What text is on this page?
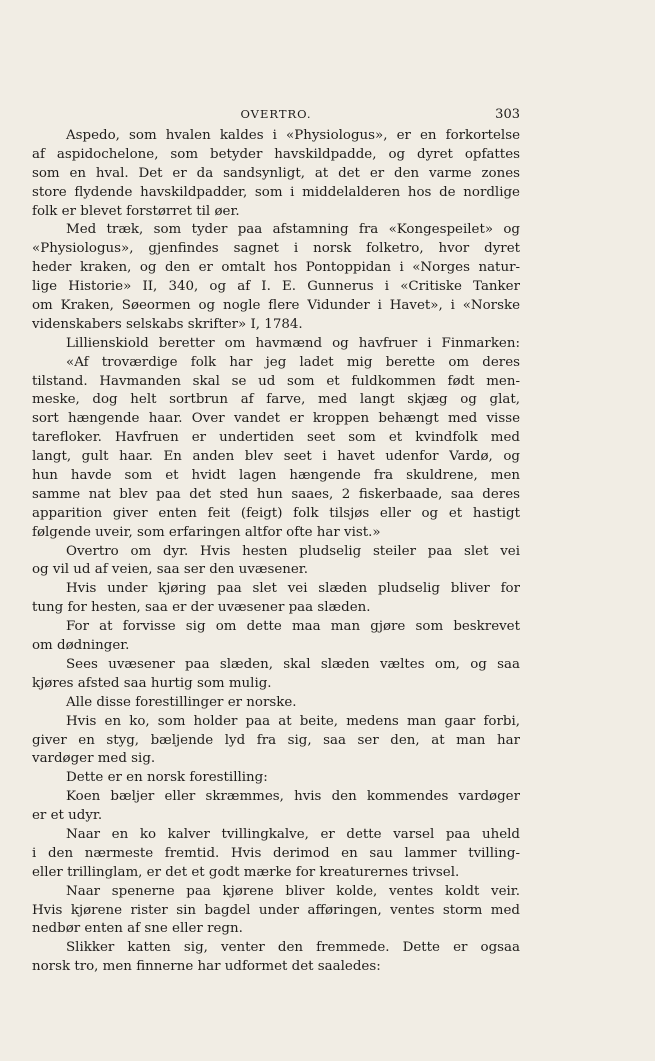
OVERTRO.	303
Aspedo, som hvalen kaldes i «Physiologus», er en forkortelse
af aspidochelone, som betyder havskildpadde, og dyret opfattes
som en hval. Det er da sandsynligt, at det er den varme zones
store flydende havskildpadder, som i middelalderen hos de nordlige
folk er blevet forstørret til øer.
Med træk, som tyder paa afstamning fra «Kongespeilet» og
«Physiologus», gjenfindes sagnet i norsk folketro, hvor dyret
heder kraken, og den er omtalt hos Pontoppidan i «Norges natur-
lige Historie» II, 340, og af I. E. Gunnerus i «Critiske Tanker
om Kraken, Søeormen og nogle flere Vidunder i Havet», i «Norske
videnskabers selskabs skrifter» I, 1784.
Lillienskiold beretter om havmænd og havfruer i Finmarken:
«Af troværdige folk har jeg ladet mig berette om deres
tilstand. Havmanden skal se ud som et fuldkommen født men-
meske, dog helt sortbrun af farve, med langt skjæg og glat,
sort hængende haar. Over vandet er kroppen behængt med visse
tarefloker. Havfruen er undertiden seet som et kvindfolk med
langt, gult haar. En anden blev seet i havet udenfor Vardø, og
hun havde som et hvidt lagen hængende fra skuldrene, men
samme nat blev paa det sted hun saaes, 2 fiskerbaade, saa deres
apparition giver enten feit (feigt) folk tilsjøs eller og et hastigt
følgende uveir, som erfaringen altfor ofte har vist.»
Overtro om dyr. Hvis hesten pludselig steiler paa slet vei
og vil ud af veien, saa ser den uvæsener.
Hvis under kjøring paa slet vei slæden pludselig bliver for
tung for hesten, saa er der uvæsener paa slæden.
For at forvisse sig om dette maa man gjøre som beskrevet
om dødninger.
Sees uvæsener paa slæden, skal slæden væltes om, og saa
kjøres afsted saa hurtig som mulig.
Alle disse forestillinger er norske.
Hvis en ko, som holder paa at beite, medens man gaar forbi,
giver en styg, bæljende lyd fra sig, saa ser den, at man har
vardøger med sig.
Dette er en norsk forestilling:
Koen bæljer eller skræmmes, hvis den kommendes vardøger
er et udyr.
Naar en ko kalver tvillingkalve, er dette varsel paa uheld
i den nærmeste fremtid. Hvis derimod en sau lammer tvilling-
eller trillinglam, er det et godt mærke for kreaturernes trivsel.
Naar spenerne paa kjørene bliver kolde, ventes koldt veir.
Hvis kjørene rister sin bagdel under afføringen, ventes storm med
nedbør enten af sne eller regn.
Slikker katten sig, venter den fremmede. Dette er ogsaa
norsk tro, men finnerne har udformet det saaledes:
